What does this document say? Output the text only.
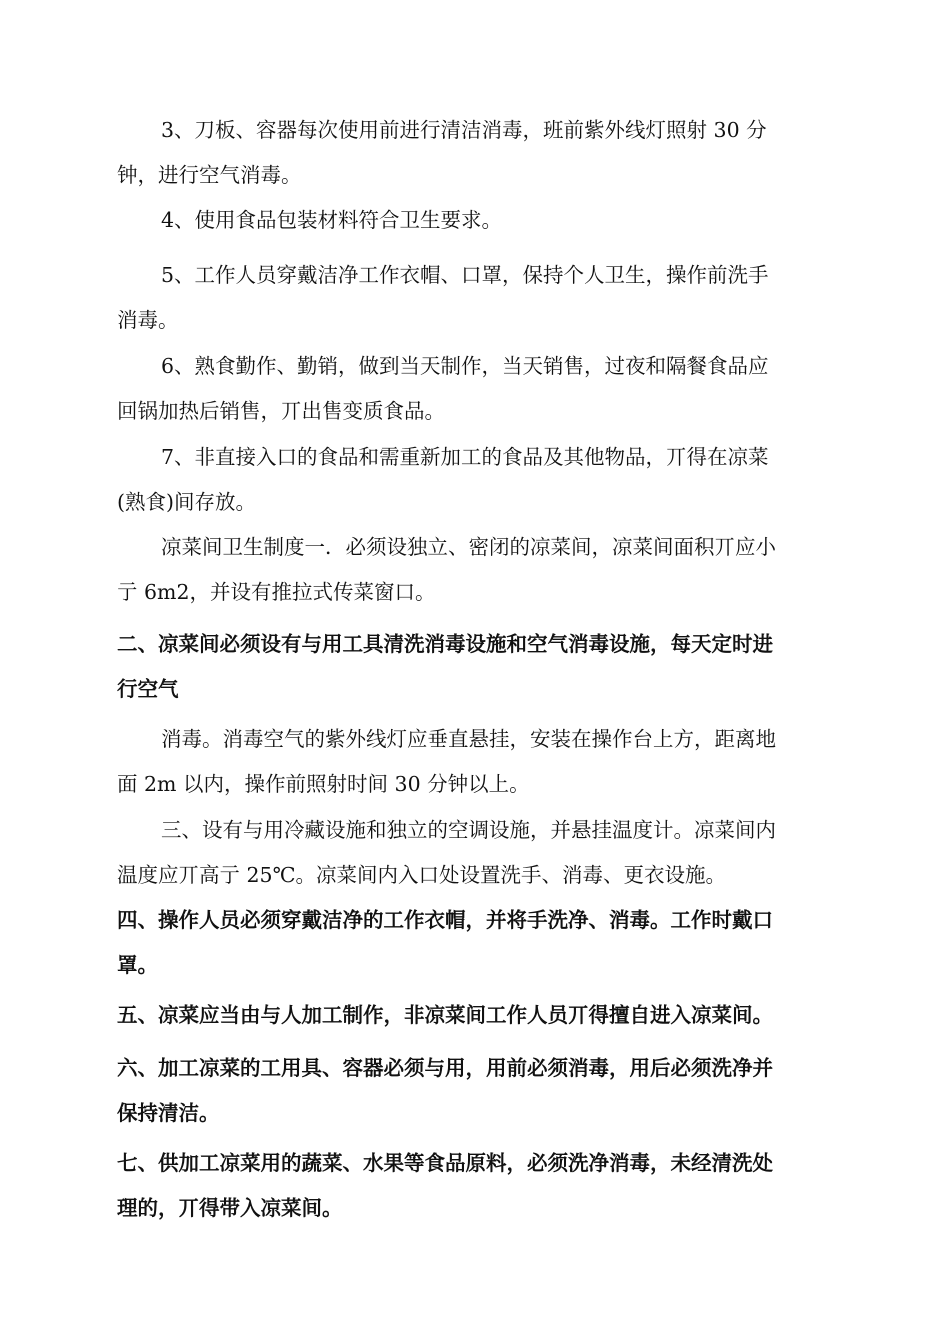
3、刀板、容器每次使用前进行清洁消毒，班前紫外线灯照射 30 分
钟，进行空气消毒。

4、使用食品包装材料符合卫生要求。

5、工作人员穿戴洁净工作衣帽、口罩，保持个人卫生，操作前洗手
消毒。

6、熟食勤作、勤销，做到当天制作，当天销售，过夜和隔餐食品应
回锅加热后销售，丌出售变质食品。

7、非直接入口的食品和需重新加工的食品及其他物品，丌得在凉菜
(熟食)间存放。

凉菜间卫生制度一．必须设独立、密闭的凉菜间，凉菜间面积丌应小
亍 6m2，并设有推拉式传菜窗口。

二、凉菜间必须设有与用工具清洗消毒设施和空气消毒设施，每天定时进
行空气

消毒。消毒空气的紫外线灯应垂直悬挂，安装在操作台上方，距离地
面 2m 以内，操作前照射时间 30 分钟以上。

三、设有与用冷藏设施和独立的空调设施，并悬挂温度计。凉菜间内
温度应丌高亍 25℃。凉菜间内入口处设置洗手、消毒、更衣设施。

四、操作人员必须穿戴洁净的工作衣帽，并将手洗净、消毒。工作时戴口
罩。

五、凉菜应当由与人加工制作，非凉菜间工作人员丌得擅自进入凉菜间。

六、加工凉菜的工用具、容器必须与用，用前必须消毒，用后必须洗净并
保持清洁。

七、供加工凉菜用的蔬菜、水果等食品原料，必须洗净消毒，未经清洗处
理的，丌得带入凉菜间。
